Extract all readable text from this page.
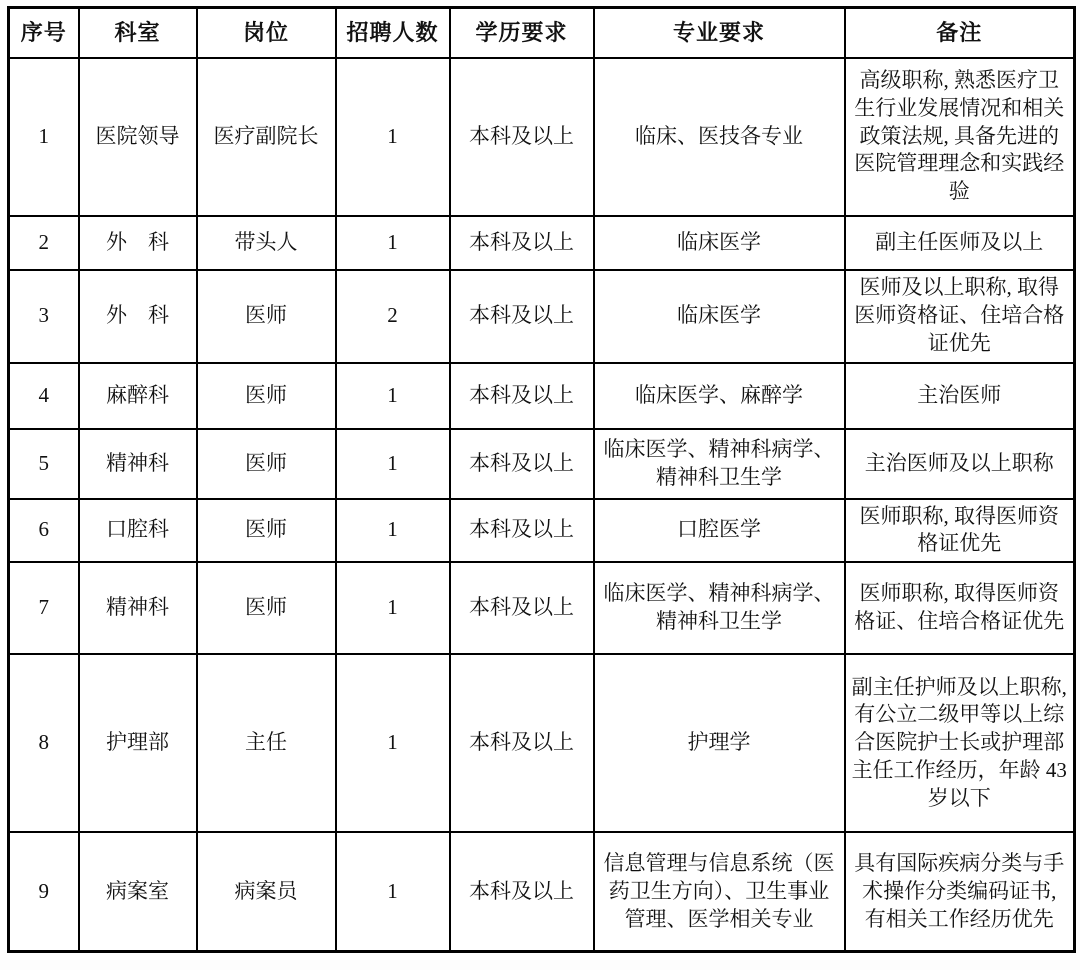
序号	科室	岗位	招聘人数	学历要求	专业要求	备注
1	医院领导	医疗副院长	1	本科及以上	临床、医技各专业	高级职称, 熟悉医疗卫生行业发展情况和相关政策法规, 具备先进的医院管理理念和实践经验
2	外　科	带头人	1	本科及以上	临床医学	副主任医师及以上
3	外　科	医师	2	本科及以上	临床医学	医师及以上职称, 取得医师资格证、住培合格证优先
4	麻醉科	医师	1	本科及以上	临床医学、麻醉学	主治医师
5	精神科	医师	1	本科及以上	临床医学、精神科病学、精神科卫生学	主治医师及以上职称
6	口腔科	医师	1	本科及以上	口腔医学	医师职称, 取得医师资格证优先
7	精神科	医师	1	本科及以上	临床医学、精神科病学、精神科卫生学	医师职称, 取得医师资格证、住培合格证优先
8	护理部	主任	1	本科及以上	护理学	副主任护师及以上职称, 有公立二级甲等以上综合医院护士长或护理部主任工作经历，年龄 43 岁以下
9	病案室	病案员	1	本科及以上	信息管理与信息系统（医药卫生方向）、卫生事业管理、医学相关专业	具有国际疾病分类与手术操作分类编码证书, 有相关工作经历优先
